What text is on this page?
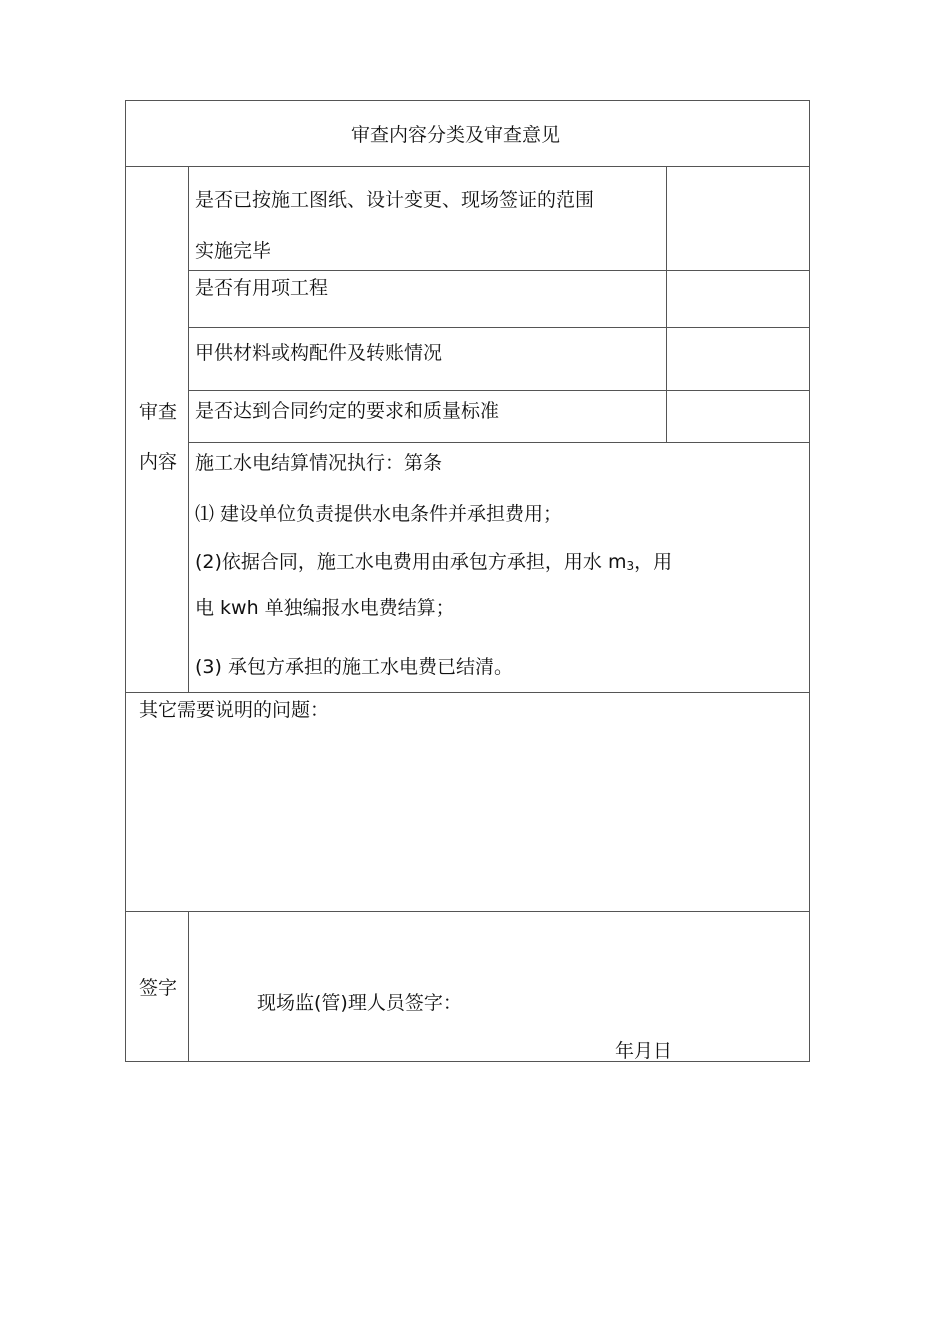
审查内容分类及审查意见
审查
内容
是否已按施工图纸、设计变更、现场签证的范围
实施完毕
是否有用项工程
甲供材料或构配件及转账情况
是否达到合同约定的要求和质量标准
施工水电结算情况执行：第条
⑴ 建设单位负责提供水电条件并承担费用；
(2)依据合同，施工水电费用由承包方承担，用水 $m_3$，用
电 kwh 单独编报水电费结算；
(3) 承包方承担的施工水电费已结清。
其它需要说明的问题：
签字
现场监(管)理人员签字：
年月日
